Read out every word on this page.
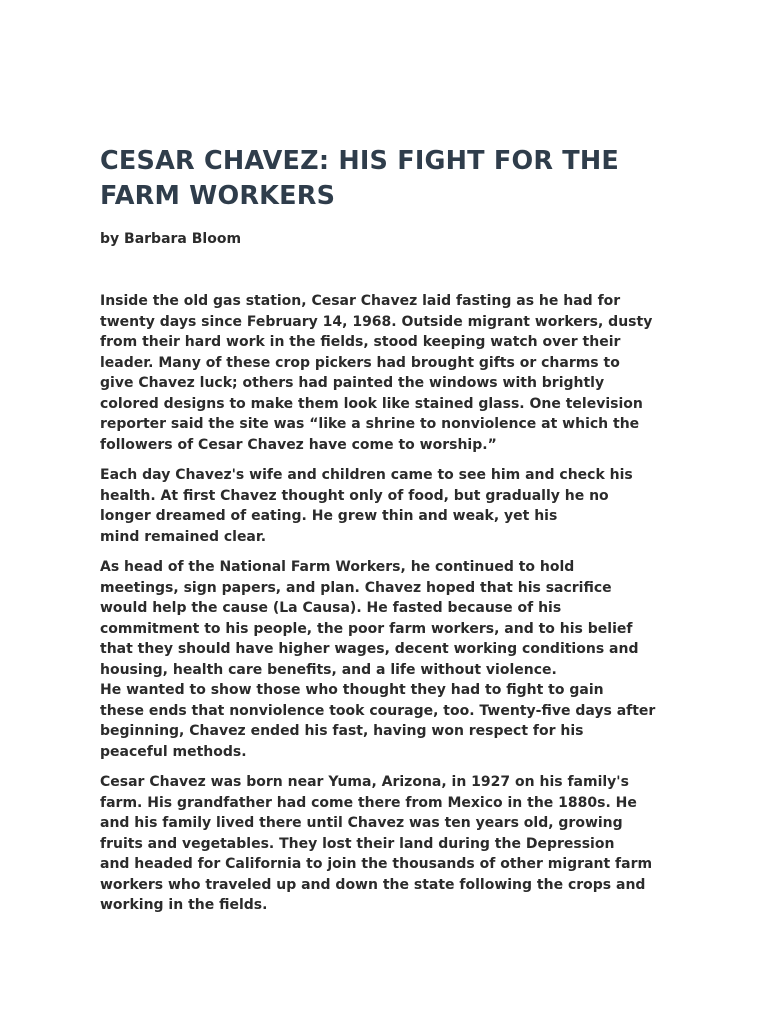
CESAR CHAVEZ: HIS FIGHT FOR THE
FARM WORKERS

by Barbara Bloom

Inside the old gas station, Cesar Chavez laid fasting as he had for
twenty days since February 14, 1968. Outside migrant workers, dusty
from their hard work in the fields, stood keeping watch over their
leader. Many of these crop pickers had brought gifts or charms to
give Chavez luck; others had painted the windows with brightly
colored designs to make them look like stained glass. One television
reporter said the site was “like a shrine to nonviolence at which the
followers of Cesar Chavez have come to worship.”

Each day Chavez's wife and children came to see him and check his
health. At first Chavez thought only of food, but gradually he no
longer dreamed of eating. He grew thin and weak, yet his
mind remained clear.

As head of the National Farm Workers, he continued to hold
meetings, sign papers, and plan. Chavez hoped that his sacrifice
would help the cause (La Causa). He fasted because of his
commitment to his people, the poor farm workers, and to his belief
that they should have higher wages, decent working conditions and
housing, health care benefits, and a life without violence.
He wanted to show those who thought they had to fight to gain
these ends that nonviolence took courage, too. Twenty-five days after
beginning, Chavez ended his fast, having won respect for his
peaceful methods.

Cesar Chavez was born near Yuma, Arizona, in 1927 on his family's
farm. His grandfather had come there from Mexico in the 1880s. He
and his family lived there until Chavez was ten years old, growing
fruits and vegetables. They lost their land during the Depression
and headed for California to join the thousands of other migrant farm
workers who traveled up and down the state following the crops and
working in the fields.
